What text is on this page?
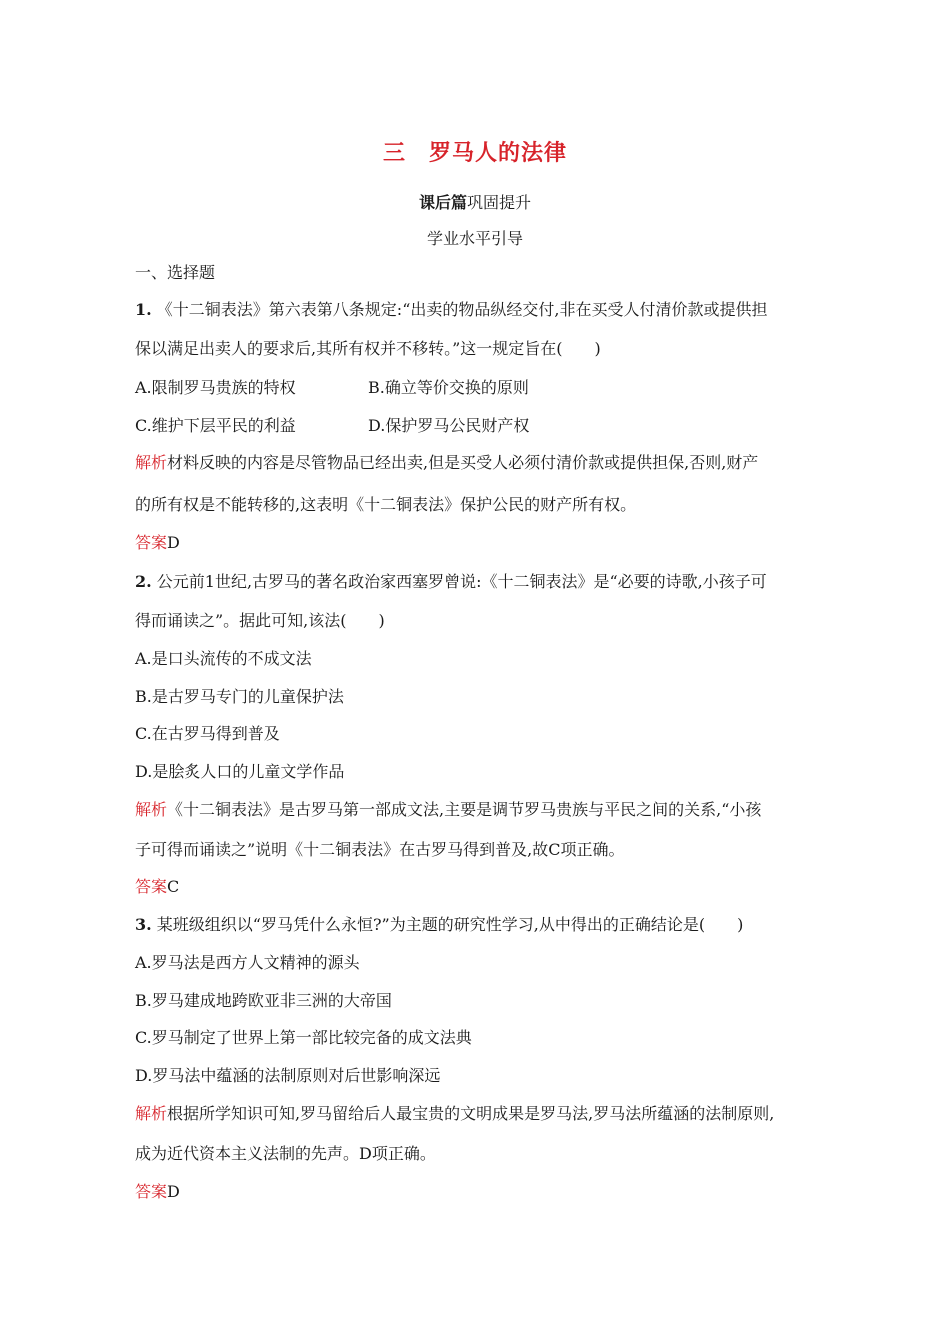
三　罗马人的法律
课后篇巩固提升
学业水平引导
一、选择题
1. 《十二铜表法》第六表第八条规定:“出卖的物品纵经交付,非在买受人付清价款或提供担
保以满足出卖人的要求后,其所有权并不移转。”这一规定旨在(　　)
A.限制罗马贵族的特权	B.确立等价交换的原则
C.维护下层平民的利益	D.保护罗马公民财产权
解析材料反映的内容是尽管物品已经出卖,但是买受人必须付清价款或提供担保,否则,财产
的所有权是不能转移的,这表明《十二铜表法》保护公民的财产所有权。
答案D
2. 公元前1世纪,古罗马的著名政治家西塞罗曾说:《十二铜表法》是“必要的诗歌,小孩子可
得而诵读之”。据此可知,该法(　　)
A.是口头流传的不成文法
B.是古罗马专门的儿童保护法
C.在古罗马得到普及
D.是脍炙人口的儿童文学作品
解析《十二铜表法》是古罗马第一部成文法,主要是调节罗马贵族与平民之间的关系,“小孩
子可得而诵读之”说明《十二铜表法》在古罗马得到普及,故C项正确。
答案C
3. 某班级组织以“罗马凭什么永恒?”为主题的研究性学习,从中得出的正确结论是(　　)
A.罗马法是西方人文精神的源头
B.罗马建成地跨欧亚非三洲的大帝国
C.罗马制定了世界上第一部比较完备的成文法典
D.罗马法中蕴涵的法制原则对后世影响深远
解析根据所学知识可知,罗马留给后人最宝贵的文明成果是罗马法,罗马法所蕴涵的法制原则,
成为近代资本主义法制的先声。D项正确。
答案D
